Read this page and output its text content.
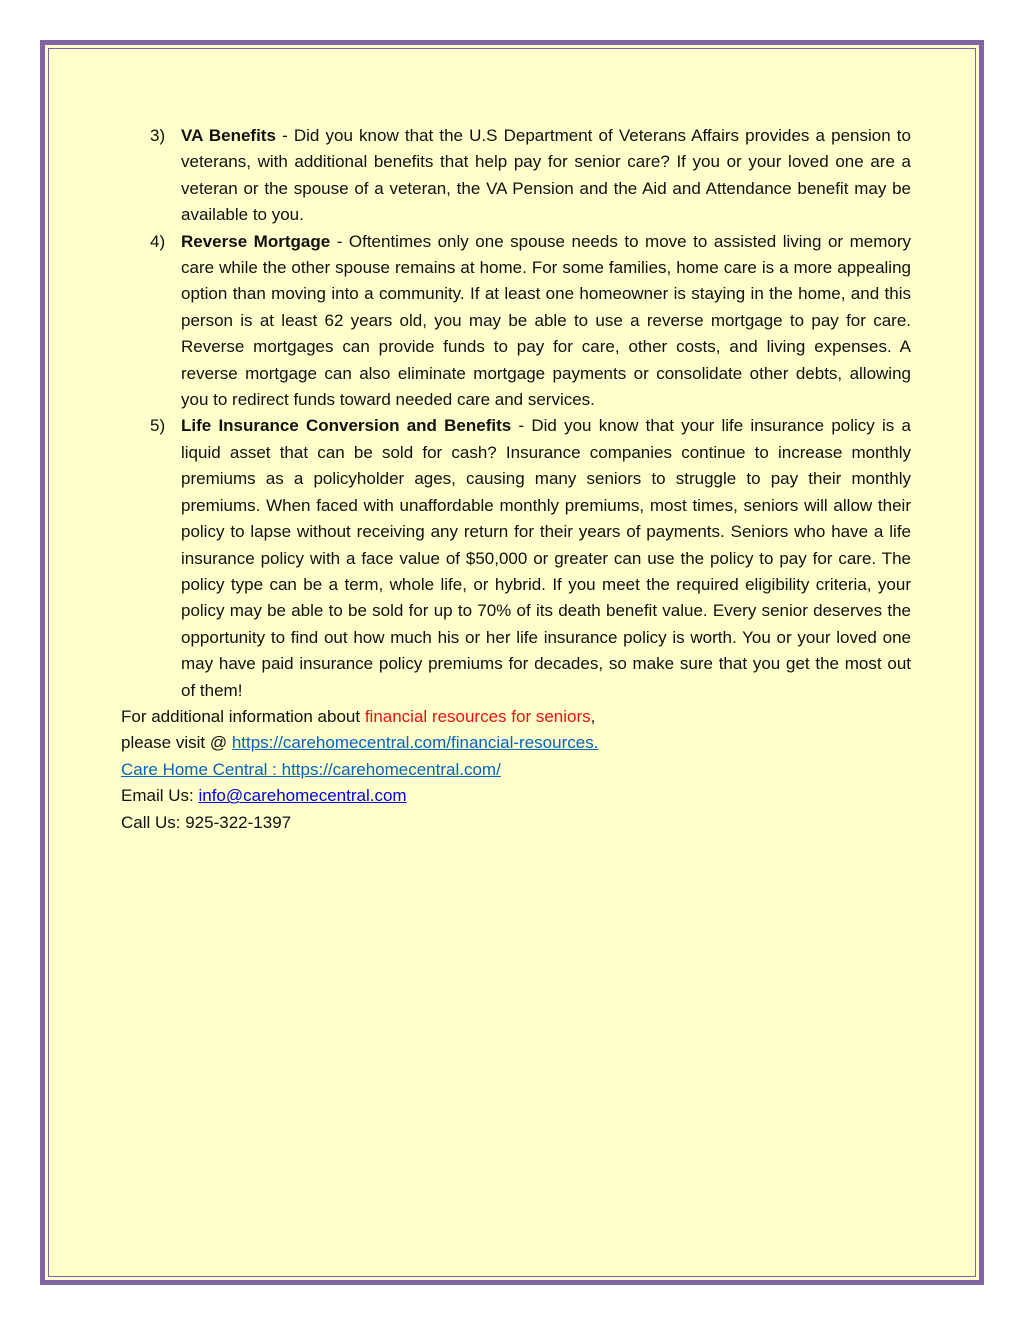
3) VA Benefits - Did you know that the U.S Department of Veterans Affairs provides a pension to veterans, with additional benefits that help pay for senior care? If you or your loved one are a veteran or the spouse of a veteran, the VA Pension and the Aid and Attendance benefit may be available to you.
4) Reverse Mortgage - Oftentimes only one spouse needs to move to assisted living or memory care while the other spouse remains at home. For some families, home care is a more appealing option than moving into a community. If at least one homeowner is staying in the home, and this person is at least 62 years old, you may be able to use a reverse mortgage to pay for care. Reverse mortgages can provide funds to pay for care, other costs, and living expenses. A reverse mortgage can also eliminate mortgage payments or consolidate other debts, allowing you to redirect funds toward needed care and services.
5) Life Insurance Conversion and Benefits - Did you know that your life insurance policy is a liquid asset that can be sold for cash? Insurance companies continue to increase monthly premiums as a policyholder ages, causing many seniors to struggle to pay their monthly premiums. When faced with unaffordable monthly premiums, most times, seniors will allow their policy to lapse without receiving any return for their years of payments. Seniors who have a life insurance policy with a face value of $50,000 or greater can use the policy to pay for care. The policy type can be a term, whole life, or hybrid. If you meet the required eligibility criteria, your policy may be able to be sold for up to 70% of its death benefit value. Every senior deserves the opportunity to find out how much his or her life insurance policy is worth. You or your loved one may have paid insurance policy premiums for decades, so make sure that you get the most out of them!

For additional information about financial resources for seniors,

please visit @ https://carehomecentral.com/financial-resources.

Care Home Central : https://carehomecentral.com/

Email Us: info@carehomecentral.com

Call Us: 925-322-1397
